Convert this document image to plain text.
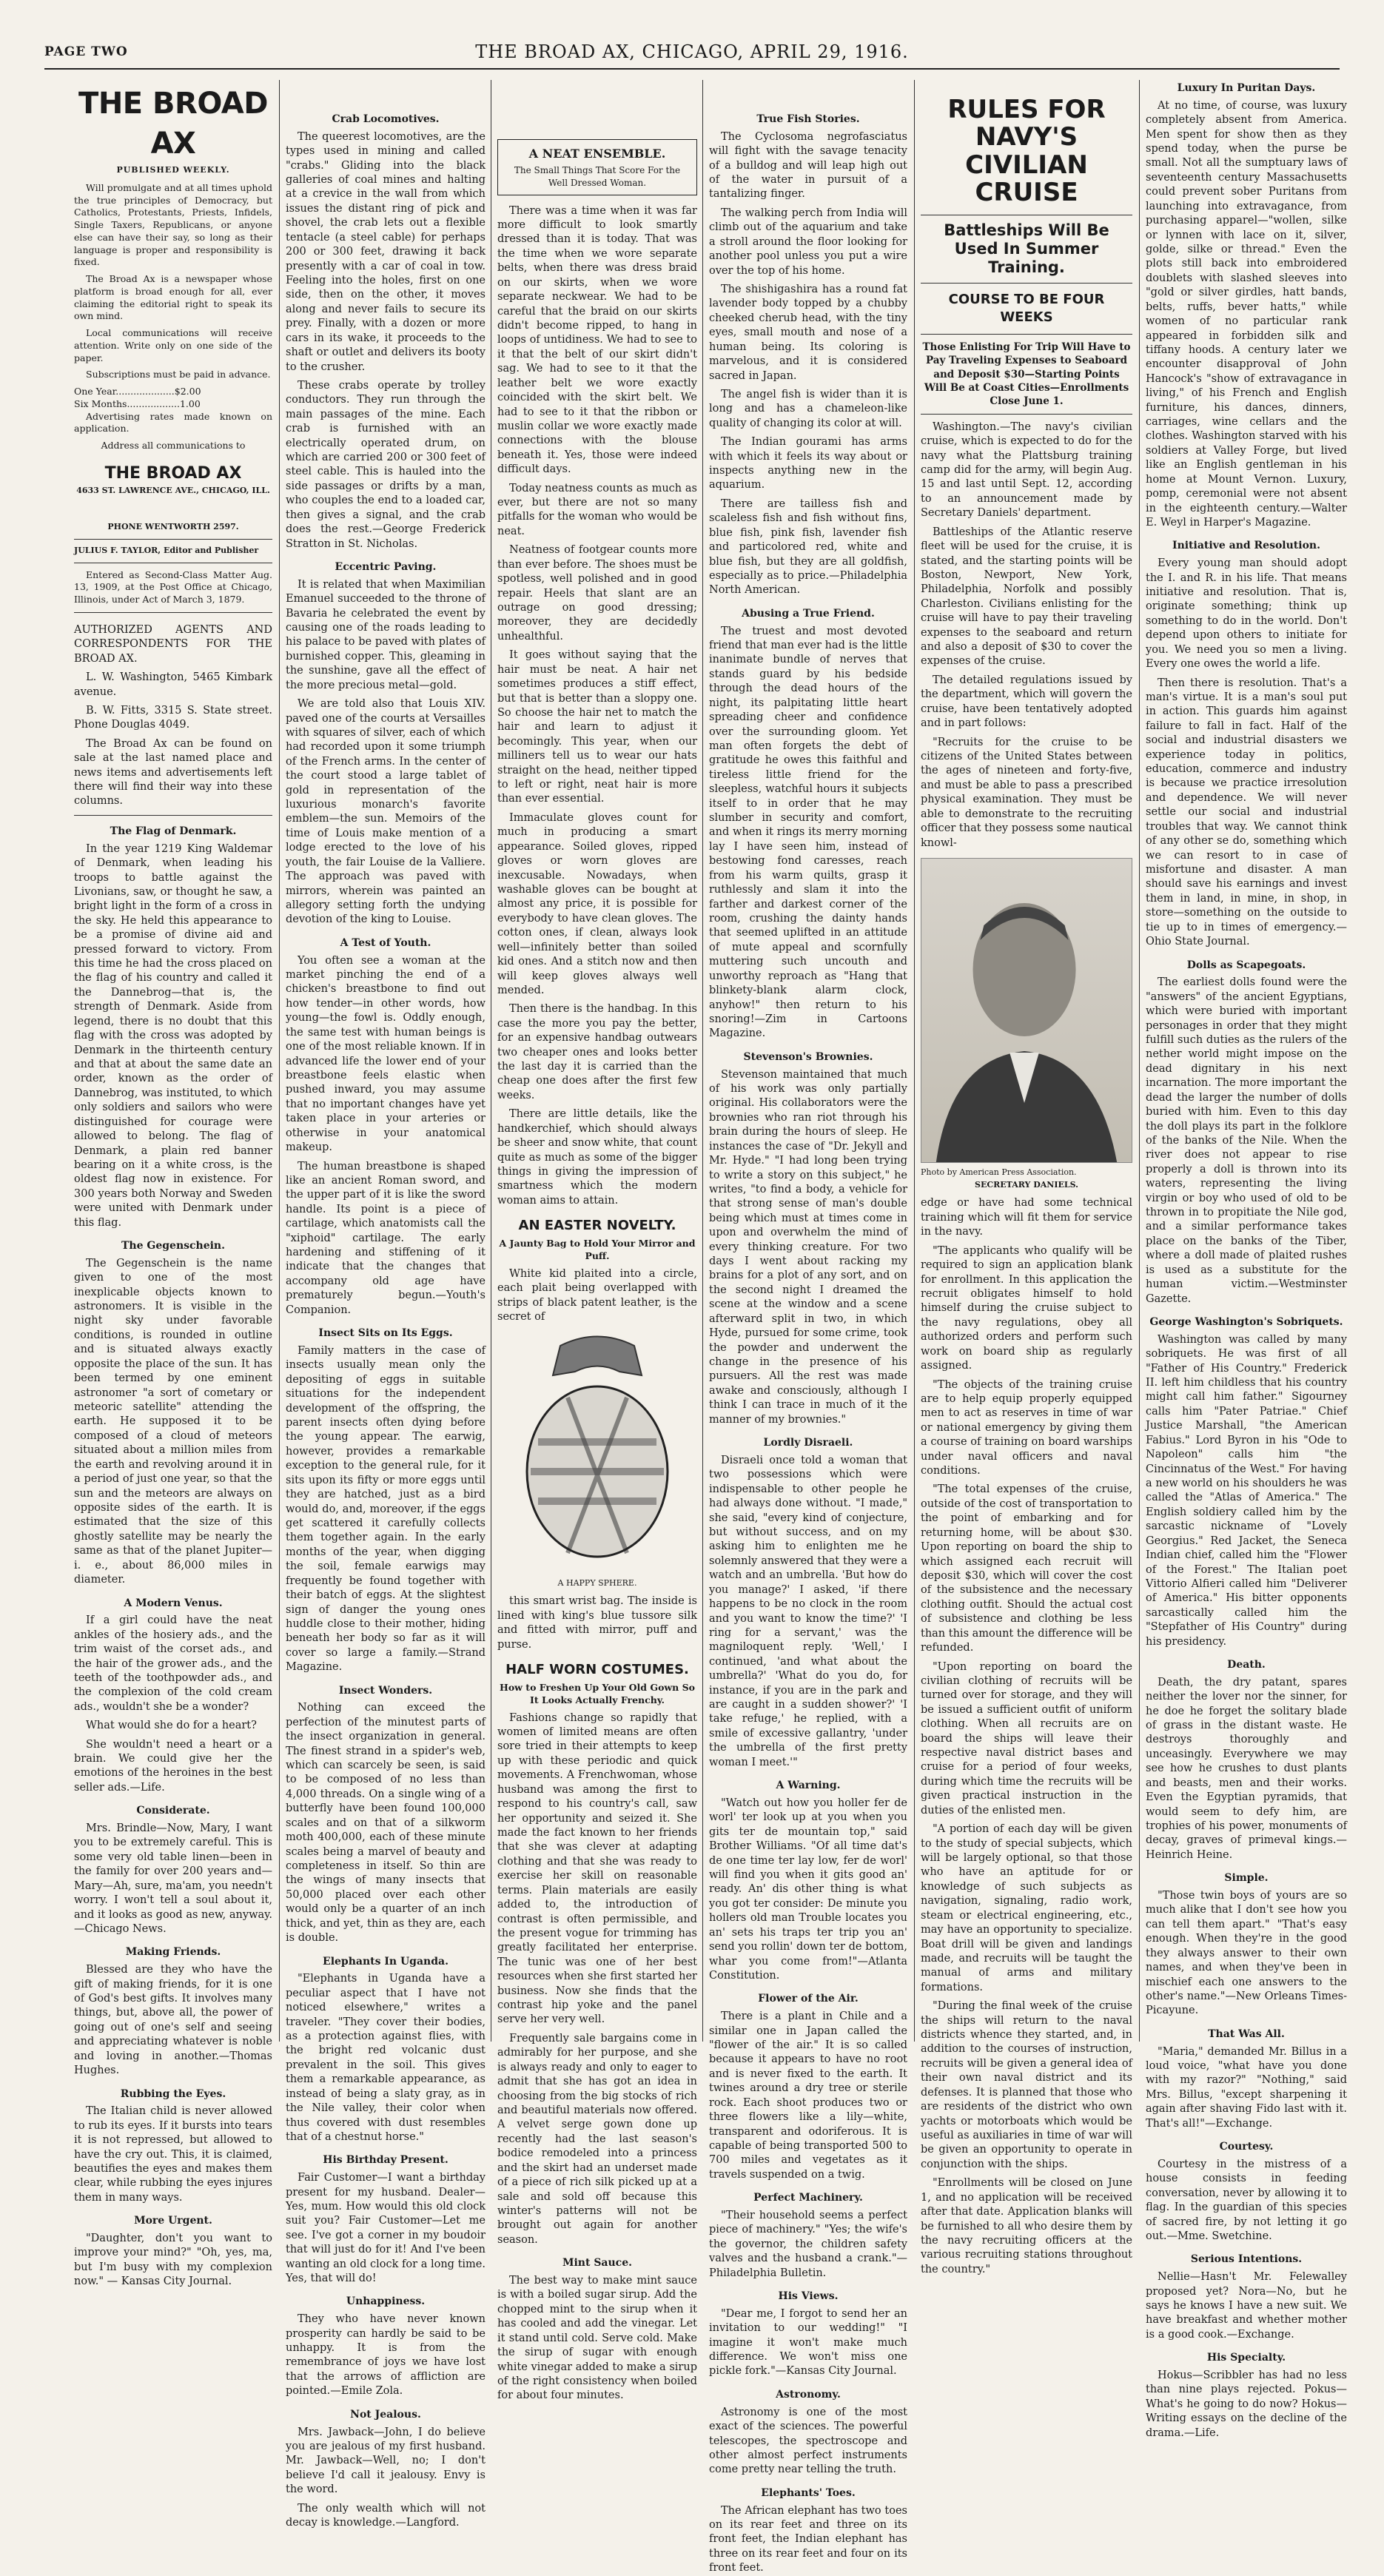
PAGE TWO	THE BROAD AX, CHICAGO, APRIL 29, 1916.
THE BROAD AX
PUBLISHED WEEKLY.

Will promulgate and at all times uphold the true principles of Democracy, but Catholics, Protestants, Priests, Infidels, Single Taxers, Republicans, or anyone else can have their say, so long as their language is proper and responsibility is fixed.

The Broad Ax is a newspaper whose platform is broad enough for all, ever claiming the editorial right to speak its own mind.

Local communications will receive attention. Write only on one side of the paper.

Subscriptions must be paid in advance.

One Year....................$2.00
Six Months..................1.00

Advertising rates made known on application.

Address all communications to
THE BROAD AX
4633 ST. LAWRENCE AVE., CHICAGO, ILL.
PHONE WENTWORTH 2597.
JULIUS F. TAYLOR, Editor and Publisher

Entered as Second-Class Matter Aug. 13, 1909, at the Post Office at Chicago, Illinois, under Act of March 3, 1879.

AUTHORIZED AGENTS AND CORRESPONDENTS FOR THE BROAD AX.

L. W. Washington, 5465 Kimbark avenue.

B. W. Fitts, 3315 S. State street. Phone Douglas 4049.

The Broad Ax can be found on sale at the last named place and news items and advertisements left there will find their way into these columns.

The Flag of Denmark.

In the year 1219 King Waldemar of Denmark, when leading his troops to battle against the Livonians, saw, or thought he saw, a bright light in the form of a cross in the sky. He held this appearance to be a promise of divine aid and pressed forward to victory. From this time he had the cross placed on the flag of his country and called it the Dannebrog—that is, the strength of Denmark. Aside from legend, there is no doubt that this flag with the cross was adopted by Denmark in the thirteenth century and that at about the same date an order, known as the order of Dannebrog, was instituted, to which only soldiers and sailors who were distinguished for courage were allowed to belong. The flag of Denmark, a plain red banner bearing on it a white cross, is the oldest flag now in existence. For 300 years both Norway and Sweden were united with Denmark under this flag.

The Gegenschein.

The Gegenschein is the name given to one of the most inexplicable objects known to astronomers. It is visible in the night sky under favorable conditions, is rounded in outline and is situated always exactly opposite the place of the sun. It has been termed by one eminent astronomer "a sort of cometary or meteoric satellite" attending the earth. He supposed it to be composed of a cloud of meteors situated about a million miles from the earth and revolving around it in a period of just one year, so that the sun and the meteors are always on opposite sides of the earth. It is estimated that the size of this ghostly satellite may be nearly the same as that of the planet Jupiter—i. e., about 86,000 miles in diameter.

A Modern Venus.

If a girl could have the neat ankles of the hosiery ads., and the trim waist of the corset ads., and the hair of the grower ads., and the teeth of the toothpowder ads., and the complexion of the cold cream ads., wouldn't she be a wonder?

What would she do for a heart?

She wouldn't need a heart or a brain. We could give her the emotions of the heroines in the best seller ads.—Life.

Considerate.

Mrs. Brindle—Now, Mary, I want you to be extremely careful. This is some very old table linen—been in the family for over 200 years and— Mary—Ah, sure, ma'am, you needn't worry. I won't tell a soul about it, and it looks as good as new, anyway.—Chicago News.

Making Friends.

Blessed are they who have the gift of making friends, for it is one of God's best gifts. It involves many things, but, above all, the power of going out of one's self and seeing and appreciating whatever is noble and loving in another.—Thomas Hughes.

Rubbing the Eyes.

The Italian child is never allowed to rub its eyes. If it bursts into tears it is not repressed, but allowed to have the cry out. This, it is claimed, beautifies the eyes and makes them clear, while rubbing the eyes injures them in many ways.

More Urgent.

"Daughter, don't you want to improve your mind?" "Oh, yes, ma, but I'm busy with my complexion now." — Kansas City Journal.

Crab Locomotives.

The queerest locomotives, are the types used in mining and called "crabs." Gliding into the black galleries of coal mines and halting at a crevice in the wall from which issues the distant ring of pick and shovel, the crab lets out a flexible tentacle (a steel cable) for perhaps 200 or 300 feet, drawing it back presently with a car of coal in tow. Feeling into the holes, first on one side, then on the other, it moves along and never fails to secure its prey. Finally, with a dozen or more cars in its wake, it proceeds to the shaft or outlet and delivers its booty to the crusher.

These crabs operate by trolley conductors. They run through the main passages of the mine. Each crab is furnished with an electrically operated drum, on which are carried 200 or 300 feet of steel cable. This is hauled into the side passages or drifts by a man, who couples the end to a loaded car, then gives a signal, and the crab does the rest.—George Frederick Stratton in St. Nicholas.

Eccentric Paving.

It is related that when Maximilian Emanuel succeeded to the throne of Bavaria he celebrated the event by causing one of the roads leading to his palace to be paved with plates of burnished copper. This, gleaming in the sunshine, gave all the effect of the more precious metal—gold.

We are told also that Louis XIV. paved one of the courts at Versailles with squares of silver, each of which had recorded upon it some triumph of the French arms. In the center of the court stood a large tablet of gold in representation of the luxurious monarch's favorite emblem—the sun. Memoirs of the time of Louis make mention of a lodge erected to the love of his youth, the fair Louise de la Valliere. The approach was paved with mirrors, wherein was painted an allegory setting forth the undying devotion of the king to Louise.

A Test of Youth.

You often see a woman at the market pinching the end of a chicken's breastbone to find out how tender—in other words, how young—the fowl is. Oddly enough, the same test with human beings is one of the most reliable known. If in advanced life the lower end of your breastbone feels elastic when pushed inward, you may assume that no important changes have yet taken place in your arteries or otherwise in your anatomical makeup.

The human breastbone is shaped like an ancient Roman sword, and the upper part of it is like the sword handle. Its point is a piece of cartilage, which anatomists call the "xiphoid" cartilage. The early hardening and stiffening of it indicate that the changes that accompany old age have prematurely begun.—Youth's Companion.

Insect Sits on Its Eggs.

Family matters in the case of insects usually mean only the depositing of eggs in suitable situations for the independent development of the offspring, the parent insects often dying before the young appear. The earwig, however, provides a remarkable exception to the general rule, for it sits upon its fifty or more eggs until they are hatched, just as a bird would do, and, moreover, if the eggs get scattered it carefully collects them together again. In the early months of the year, when digging the soil, female earwigs may frequently be found together with their batch of eggs. At the slightest sign of danger the young ones huddle close to their mother, hiding beneath her body so far as it will cover so large a family.—Strand Magazine.

Insect Wonders.

Nothing can exceed the perfection of the minutest parts of the insect organization in general. The finest strand in a spider's web, which can scarcely be seen, is said to be composed of no less than 4,000 threads. On a single wing of a butterfly have been found 100,000 scales and on that of a silkworm moth 400,000, each of these minute scales being a marvel of beauty and completeness in itself. So thin are the wings of many insects that 50,000 placed over each other would only be a quarter of an inch thick, and yet, thin as they are, each is double.

Elephants In Uganda.

"Elephants in Uganda have a peculiar aspect that I have not noticed elsewhere," writes a traveler. "They cover their bodies, as a protection against flies, with the bright red volcanic dust prevalent in the soil. This gives them a remarkable appearance, as instead of being a slaty gray, as in the Nile valley, their color when thus covered with dust resembles that of a chestnut horse."

His Birthday Present.

Fair Customer—I want a birthday present for my husband. Dealer—Yes, mum. How would this old clock suit you? Fair Customer—Let me see. I've got a corner in my boudoir that will just do for it! And I've been wanting an old clock for a long time. Yes, that will do!

Unhappiness.

They who have never known prosperity can hardly be said to be unhappy. It is from the remembrance of joys we have lost that the arrows of affliction are pointed.—Emile Zola.

Not Jealous.

Mrs. Jawback—John, I do believe you are jealous of my first husband. Mr. Jawback—Well, no; I don't believe I'd call it jealousy. Envy is the word.

The only wealth which will not decay is knowledge.—Langford.

A NEAT ENSEMBLE.
The Small Things That Score For the Well Dressed Woman.

There was a time when it was far more difficult to look smartly dressed than it is today. That was the time when we wore separate belts, when there was dress braid on our skirts, when we wore separate neckwear. We had to be careful that the braid on our skirts didn't become ripped, to hang in loops of untidiness. We had to see to it that the belt of our skirt didn't sag. We had to see to it that the leather belt we wore exactly coincided with the skirt belt. We had to see to it that the ribbon or muslin collar we wore exactly made connections with the blouse beneath it. Yes, those were indeed difficult days.

Today neatness counts as much as ever, but there are not so many pitfalls for the woman who would be neat.

Neatness of footgear counts more than ever before. The shoes must be spotless, well polished and in good repair. Heels that slant are an outrage on good dressing; moreover, they are decidedly unhealthful.

It goes without saying that the hair must be neat. A hair net sometimes produces a stiff effect, but that is better than a sloppy one. So choose the hair net to match the hair and learn to adjust it becomingly. This year, when our milliners tell us to wear our hats straight on the head, neither tipped to left or right, neat hair is more than ever essential.

Immaculate gloves count for much in producing a smart appearance. Soiled gloves, ripped gloves or worn gloves are inexcusable. Nowadays, when washable gloves can be bought at almost any price, it is possible for everybody to have clean gloves. The cotton ones, if clean, always look well—infinitely better than soiled kid ones. And a stitch now and then will keep gloves always well mended.

Then there is the handbag. In this case the more you pay the better, for an expensive handbag outwears two cheaper ones and looks better the last day it is carried than the cheap one does after the first few weeks.

There are little details, like the handkerchief, which should always be sheer and snow white, that count quite as much as some of the bigger things in giving the impression of smartness which the modern woman aims to attain.

AN EASTER NOVELTY.
A Jaunty Bag to Hold Your Mirror and Puff.

White kid plaited into a circle, each plait being overlapped with strips of black patent leather, is the secret of

A HAPPY SPHERE.

this smart wrist bag. The inside is lined with king's blue tussore silk and fitted with mirror, puff and purse.

HALF WORN COSTUMES.
How to Freshen Up Your Old Gown So It Looks Actually Frenchy.

Fashions change so rapidly that women of limited means are often sore tried in their attempts to keep up with these periodic and quick movements. A Frenchwoman, whose husband was among the first to respond to his country's call, saw her opportunity and seized it. She made the fact known to her friends that she was clever at adapting clothing and that she was ready to exercise her skill on reasonable terms. Plain materials are easily added to, the introduction of contrast is often permissible, and the present vogue for trimming has greatly facilitated her enterprise. The tunic was one of her best resources when she first started her business. Now she finds that the contrast hip yoke and the panel serve her very well.

Frequently sale bargains come in admirably for her purpose, and she is always ready and only to eager to admit that she has got an idea in choosing from the big stocks of rich and beautiful materials now offered. A velvet serge gown done up recently had the last season's bodice remodeled into a princess and the skirt had an underset made of a piece of rich silk picked up at a sale and sold off because this winter's patterns will not be brought out again for another season.

Mint Sauce.

The best way to make mint sauce is with a boiled sugar sirup. Add the chopped mint to the sirup when it has cooled and add the vinegar. Let it stand until cold. Serve cold. Make the sirup of sugar with enough white vinegar added to make a sirup of the right consistency when boiled for about four minutes.

True Fish Stories.

The Cyclosoma negrofasciatus will fight with the savage tenacity of a bulldog and will leap high out of the water in pursuit of a tantalizing finger.

The walking perch from India will climb out of the aquarium and take a stroll around the floor looking for another pool unless you put a wire over the top of his home.

The shishigashira has a round fat lavender body topped by a chubby cheeked cherub head, with the tiny eyes, small mouth and nose of a human being. Its coloring is marvelous, and it is considered sacred in Japan.

The angel fish is wider than it is long and has a chameleon-like quality of changing its color at will.

The Indian gourami has arms with which it feels its way about or inspects anything new in the aquarium.

There are tailless fish and scaleless fish and fish without fins, blue fish, pink fish, lavender fish and particolored red, white and blue fish, but they are all goldfish, especially as to price.—Philadelphia North American.

Abusing a True Friend.

The truest and most devoted friend that man ever had is the little inanimate bundle of nerves that stands guard by his bedside through the dead hours of the night, its palpitating little heart spreading cheer and confidence over the surrounding gloom. Yet man often forgets the debt of gratitude he owes this faithful and tireless little friend for the sleepless, watchful hours it subjects itself to in order that he may slumber in security and comfort, and when it rings its merry morning lay I have seen him, instead of bestowing fond caresses, reach from his warm quilts, grasp it ruthlessly and slam it into the farther and darkest corner of the room, crushing the dainty hands that seemed uplifted in an attitude of mute appeal and scornfully muttering such uncouth and unworthy reproach as "Hang that blinkety-blank alarm clock, anyhow!" then return to his snoring!—Zim in Cartoons Magazine.

Stevenson's Brownies.

Stevenson maintained that much of his work was only partially original. His collaborators were the brownies who ran riot through his brain during the hours of sleep. He instances the case of "Dr. Jekyll and Mr. Hyde." "I had long been trying to write a story on this subject," he writes, "to find a body, a vehicle for that strong sense of man's double being which must at times come in upon and overwhelm the mind of every thinking creature. For two days I went about racking my brains for a plot of any sort, and on the second night I dreamed the scene at the window and a scene afterward split in two, in which Hyde, pursued for some crime, took the powder and underwent the change in the presence of his pursuers. All the rest was made awake and consciously, although I think I can trace in much of it the manner of my brownies."

Lordly Disraeli.

Disraeli once told a woman that two possessions which were indispensable to other people he had always done without. "I made," she said, "every kind of conjecture, but without success, and on my asking him to enlighten me he solemnly answered that they were a watch and an umbrella. 'But how do you manage?' I asked, 'if there happens to be no clock in the room and you want to know the time?' 'I ring for a servant,' was the magniloquent reply. 'Well,' I continued, 'and what about the umbrella?' 'What do you do, for instance, if you are in the park and are caught in a sudden shower?' 'I take refuge,' he replied, with a smile of excessive gallantry, 'under the umbrella of the first pretty woman I meet.'"

A Warning.

"Watch out how you holler fer de worl' ter look up at you when you gits ter de mountain top," said Brother Williams. "Of all time dat's de one time ter lay low, fer de worl' will find you when it gits good an' ready. An' dis other thing is what you got ter consider: De minute you hollers old man Trouble locates you an' sets his traps ter trip you an' send you rollin' down ter de bottom, whar you come from!"—Atlanta Constitution.

Flower of the Air.

There is a plant in Chile and a similar one in Japan called the "flower of the air." It is so called because it appears to have no root and is never fixed to the earth. It twines around a dry tree or sterile rock. Each shoot produces two or three flowers like a lily—white, transparent and odoriferous. It is capable of being transported 500 to 700 miles and vegetates as it travels suspended on a twig.

Perfect Machinery.

"Their household seems a perfect piece of machinery." "Yes; the wife's the governor, the children safety valves and the husband a crank."—Philadelphia Bulletin.

His Views.

"Dear me, I forgot to send her an invitation to our wedding!" "I imagine it won't make much difference. We won't miss one pickle fork."—Kansas City Journal.

Astronomy.

Astronomy is one of the most exact of the sciences. The powerful telescopes, the spectroscope and other almost perfect instruments come pretty near telling the truth.

Elephants' Toes.

The African elephant has two toes on its rear feet and three on its front feet, the Indian elephant has three on its rear feet and four on its front feet.

RULES FOR NAVY'S CIVILIAN CRUISE
Battleships Will Be Used In Summer Training.
COURSE TO BE FOUR WEEKS

Those Enlisting For Trip Will Have to Pay Traveling Expenses to Seaboard and Deposit $30—Starting Points Will Be at Coast Cities—Enrollments Close June 1.

Washington.—The navy's civilian cruise, which is expected to do for the navy what the Plattsburg training camp did for the army, will begin Aug. 15 and last until Sept. 12, according to an announcement made by Secretary Daniels' department.

Battleships of the Atlantic reserve fleet will be used for the cruise, it is stated, and the starting points will be Boston, Newport, New York, Philadelphia, Norfolk and possibly Charleston. Civilians enlisting for the cruise will have to pay their traveling expenses to the seaboard and return and also a deposit of $30 to cover the expenses of the cruise.

The detailed regulations issued by the department, which will govern the cruise, have been tentatively adopted and in part follows:

"Recruits for the cruise to be citizens of the United States between the ages of nineteen and forty-five, and must be able to pass a prescribed physical examination. They must be able to demonstrate to the recruiting officer that they possess some nautical knowl-

Photo by American Press Association.
SECRETARY DANIELS.

edge or have had some technical training which will fit them for service in the navy.

"The applicants who qualify will be required to sign an application blank for enrollment. In this application the recruit obligates himself to hold himself during the cruise subject to the navy regulations, obey all authorized orders and perform such work on board ship as regularly assigned.

"The objects of the training cruise are to help equip properly equipped men to act as reserves in time of war or national emergency by giving them a course of training on board warships under naval officers and naval conditions.

"The total expenses of the cruise, outside of the cost of transportation to the point of embarking and for returning home, will be about $30. Upon reporting on board the ship to which assigned each recruit will deposit $30, which will cover the cost of the subsistence and the necessary clothing outfit. Should the actual cost of subsistence and clothing be less than this amount the difference will be refunded.

"Upon reporting on board the civilian clothing of recruits will be turned over for storage, and they will be issued a sufficient outfit of uniform clothing. When all recruits are on board the ships will leave their respective naval district bases and cruise for a period of four weeks, during which time the recruits will be given practical instruction in the duties of the enlisted men.

"A portion of each day will be given to the study of special subjects, which will be largely optional, so that those who have an aptitude for or knowledge of such subjects as navigation, signaling, radio work, steam or electrical engineering, etc., may have an opportunity to specialize. Boat drill will be given and landings made, and recruits will be taught the manual of arms and military formations.

"During the final week of the cruise the ships will return to the naval districts whence they started, and, in addition to the courses of instruction, recruits will be given a general idea of their own naval district and its defenses. It is planned that those who are residents of the district who own yachts or motorboats which would be useful as auxiliaries in time of war will be given an opportunity to operate in conjunction with the ships.

"Enrollments will be closed on June 1, and no application will be received after that date. Application blanks will be furnished to all who desire them by the navy recruiting officers at the various recruiting stations throughout the country."

Luxury In Puritan Days.

At no time, of course, was luxury completely absent from America. Men spent for show then as they spend today, when the purse be small. Not all the sumptuary laws of seventeenth century Massachusetts could prevent sober Puritans from launching into extravagance, from purchasing apparel—"wollen, silke or lynnen with lace on it, silver, golde, silke or thread." Even the plots still back into embroidered doublets with slashed sleeves into "gold or silver girdles, hatt bands, belts, ruffs, bever hatts," while women of no particular rank appeared in forbidden silk and tiffany hoods. A century later we encounter disapproval of John Hancock's "show of extravagance in living," of his French and English furniture, his dances, dinners, carriages, wine cellars and the clothes. Washington starved with his soldiers at Valley Forge, but lived like an English gentleman in his home at Mount Vernon. Luxury, pomp, ceremonial were not absent in the eighteenth century.—Walter E. Weyl in Harper's Magazine.

Initiative and Resolution.

Every young man should adopt the I. and R. in his life. That means initiative and resolution. That is, originate something; think up something to do in the world. Don't depend upon others to initiate for you. We need you so men a living. Every one owes the world a life.

Then there is resolution. That's a man's virtue. It is a man's soul put in action. This guards him against failure to fall in fact. Half of the social and industrial disasters we experience today in politics, education, commerce and industry is because we practice irresolution and dependence. We will never settle our social and industrial troubles that way. We cannot think of any other se do, something which we can resort to in case of misfortune and disaster. A man should save his earnings and invest them in land, in mine, in shop, in store—something on the outside to tie up to in times of emergency.—Ohio State Journal.

Dolls as Scapegoats.

The earliest dolls found were the "answers" of the ancient Egyptians, which were buried with important personages in order that they might fulfill such duties as the rulers of the nether world might impose on the dead dignitary in his next incarnation. The more important the dead the larger the number of dolls buried with him. Even to this day the doll plays its part in the folklore of the banks of the Nile. When the river does not appear to rise properly a doll is thrown into its waters, representing the living virgin or boy who used of old to be thrown in to propitiate the Nile god, and a similar performance takes place on the banks of the Tiber, where a doll made of plaited rushes is used as a substitute for the human victim.—Westminster Gazette.

George Washington's Sobriquets.

Washington was called by many sobriquets. He was first of all "Father of His Country." Frederick II. left him childless that his country might call him father." Sigourney calls him "Pater Patriae." Chief Justice Marshall, "the American Fabius." Lord Byron in his "Ode to Napoleon" calls him "the Cincinnatus of the West." For having a new world on his shoulders he was called the "Atlas of America." The English soldiery called him by the sarcastic nickname of "Lovely Georgius." Red Jacket, the Seneca Indian chief, called him the "Flower of the Forest." The Italian poet Vittorio Alfieri called him "Deliverer of America." His bitter opponents sarcastically called him the "Stepfather of His Country" during his presidency.

Death.

Death, the dry patant, spares neither the lover nor the sinner, for he doe he forget the solitary blade of grass in the distant waste. He destroys thoroughly and unceasingly. Everywhere we may see how he crushes to dust plants and beasts, men and their works. Even the Egyptian pyramids, that would seem to defy him, are trophies of his power, monuments of decay, graves of primeval kings.—Heinrich Heine.

Simple.

"Those twin boys of yours are so much alike that I don't see how you can tell them apart." "That's easy enough. When they're in the good they always answer to their own names, and when they've been in mischief each one answers to the other's name."—New Orleans Times-Picayune.

That Was All.

"Maria," demanded Mr. Billus in a loud voice, "what have you done with my razor?" "Nothing," said Mrs. Billus, "except sharpening it again after shaving Fido last with it. That's all!"—Exchange.

Courtesy.

Courtesy in the mistress of a house consists in feeding conversation, never by allowing it to flag. In the guardian of this species of sacred fire, by not letting it go out.—Mme. Swetchine.

Serious Intentions.

Nellie—Hasn't Mr. Felewalley proposed yet? Nora—No, but he says he knows I have a new suit. We have breakfast and whether mother is a good cook.—Exchange.

His Specialty.

Hokus—Scribbler has had no less than nine plays rejected. Pokus—What's he going to do now? Hokus—Writing essays on the decline of the drama.—Life.
